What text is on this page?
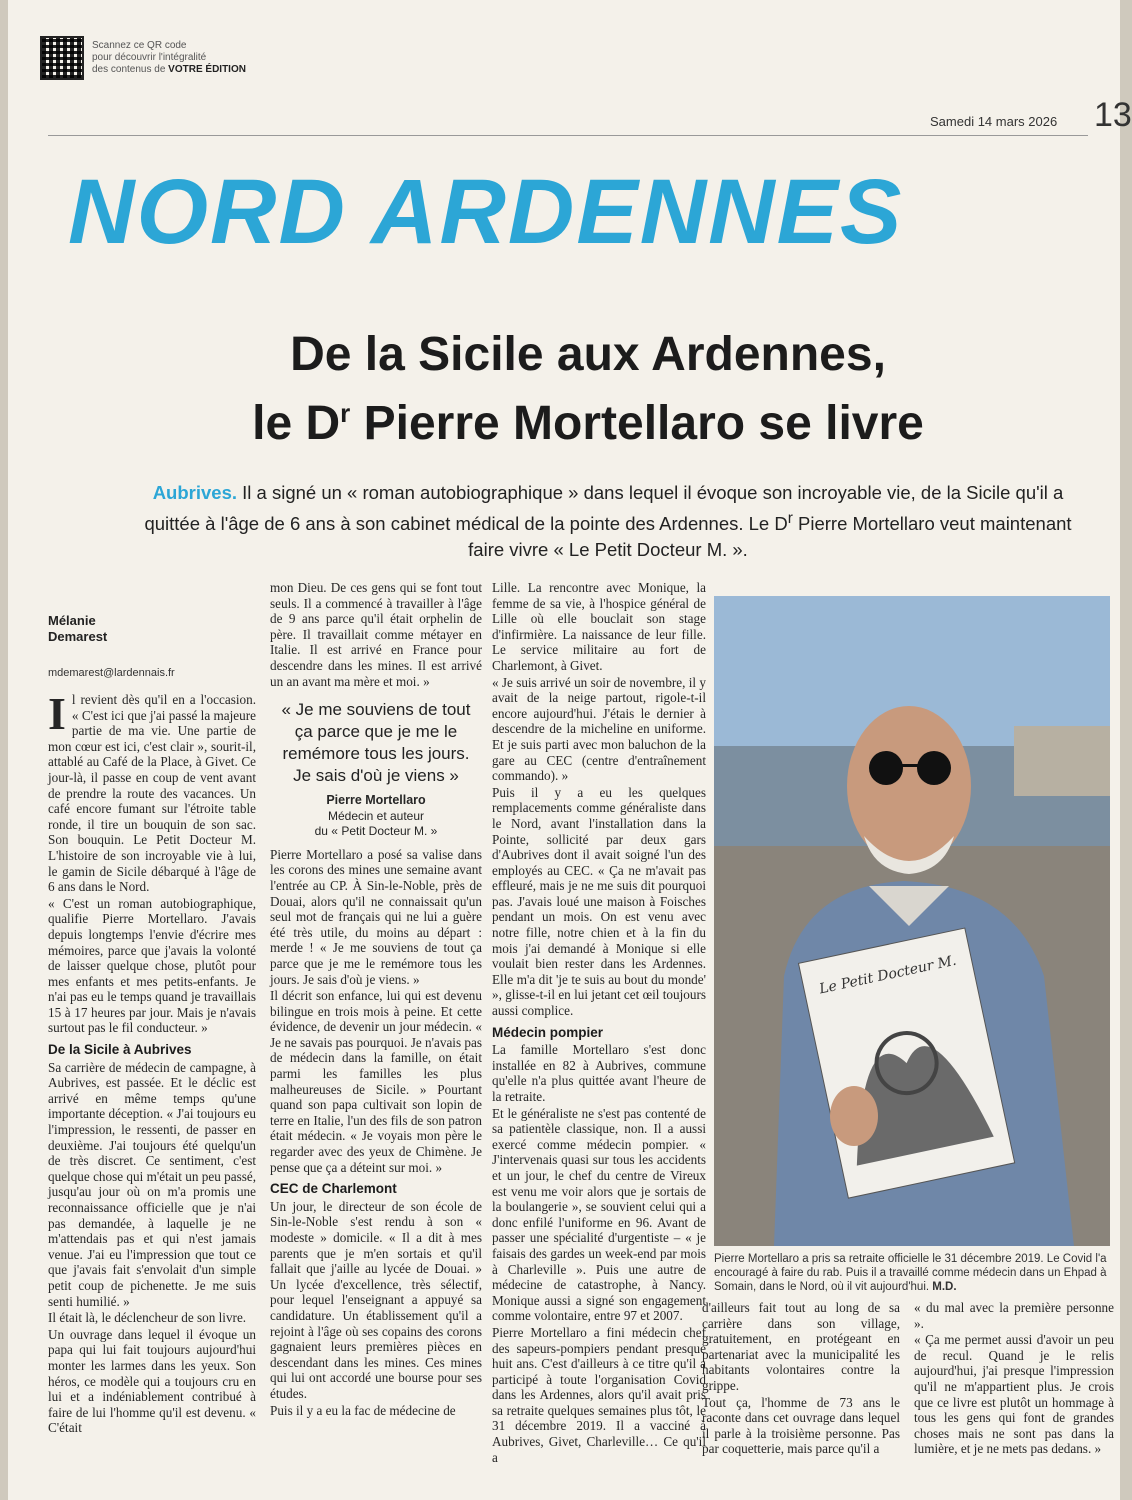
Scannez ce QR code
pour découvrir l'intégralité
des contenus de VOTRE ÉDITION
Samedi 14 mars 2026 13
NORD ARDENNES
De la Sicile aux Ardennes,
le $D^r$ Pierre Mortellaro se livre
Aubrives. Il a signé un « roman autobiographique » dans lequel il évoque son incroyable vie, de la Sicile qu'il a quittée à l'âge de 6 ans à son cabinet médical de la pointe des Ardennes. Le $D^r$ Pierre Mortellaro veut maintenant faire vivre « Le Petit Docteur M. ».
Mélanie
Demarest
mdemarest@lardennais.fr

Il revient dès qu'il en a l'occasion. « C'est ici que j'ai passé la majeure partie de ma vie. Une partie de mon cœur est ici, c'est clair », sourit-il, attablé au Café de la Place, à Givet. Ce jour-là, il passe en coup de vent avant de prendre la route des vacances. Un café encore fumant sur l'étroite table ronde, il tire un bouquin de son sac. Son bouquin. Le Petit Docteur M. L'histoire de son incroyable vie à lui, le gamin de Sicile débarqué à l'âge de 6 ans dans le Nord.

« C'est un roman autobiographique, qualifie Pierre Mortellaro. J'avais depuis longtemps l'envie d'écrire mes mémoires, parce que j'avais la volonté de laisser quelque chose, plutôt pour mes enfants et mes petits-enfants. Je n'ai pas eu le temps quand je travaillais 15 à 17 heures par jour. Mais je n'avais surtout pas le fil conducteur. »

De la Sicile à Aubrives

Sa carrière de médecin de campagne, à Aubrives, est passée. Et le déclic est arrivé en même temps qu'une importante déception. « J'ai toujours eu l'impression, le ressenti, de passer en deuxième. J'ai toujours été quelqu'un de très discret. Ce sentiment, c'est quelque chose qui m'était un peu passé, jusqu'au jour où on m'a promis une reconnaissance officielle que je n'ai pas demandée, à laquelle je ne m'attendais pas et qui n'est jamais venue. J'ai eu l'impression que tout ce que j'avais fait s'envolait d'un simple petit coup de pichenette. Je me suis senti humilié. »

Il était là, le déclencheur de son livre.

Un ouvrage dans lequel il évoque un papa qui lui fait toujours aujourd'hui monter les larmes dans les yeux. Son héros, ce modèle qui a toujours cru en lui et a indéniablement contribué à faire de lui l'homme qu'il est devenu. « C'était

mon Dieu. De ces gens qui se font tout seuls. Il a commencé à travailler à l'âge de 9 ans parce qu'il était orphelin de père. Il travaillait comme métayer en Italie. Il est arrivé en France pour descendre dans les mines. Il est arrivé un an avant ma mère et moi. »

« Je me souviens de tout ça parce que je me le remémore tous les jours. Je sais d'où je viens »
Pierre Mortellaro
Médecin et auteur
du « Petit Docteur M. »

Pierre Mortellaro a posé sa valise dans les corons des mines une semaine avant l'entrée au CP. À Sin-le-Noble, près de Douai, alors qu'il ne connaissait qu'un seul mot de français qui ne lui a guère été très utile, du moins au départ : merde ! « Je me souviens de tout ça parce que je me le remémore tous les jours. Je sais d'où je viens. »

Il décrit son enfance, lui qui est devenu bilingue en trois mois à peine. Et cette évidence, de devenir un jour médecin. « Je ne savais pas pourquoi. Je n'avais pas de médecin dans la famille, on était parmi les familles les plus malheureuses de Sicile. » Pourtant quand son papa cultivait son lopin de terre en Italie, l'un des fils de son patron était médecin. « Je voyais mon père le regarder avec des yeux de Chimène. Je pense que ça a déteint sur moi. »

CEC de Charlemont

Un jour, le directeur de son école de Sin-le-Noble s'est rendu à son « modeste » domicile. « Il a dit à mes parents que je m'en sortais et qu'il fallait que j'aille au lycée de Douai. » Un lycée d'excellence, très sélectif, pour lequel l'enseignant a appuyé sa candidature. Un établissement qu'il a rejoint à l'âge où ses copains des corons gagnaient leurs premières pièces en descendant dans les mines. Ces mines qui lui ont accordé une bourse pour ses études.

Puis il y a eu la fac de médecine de

Lille. La rencontre avec Monique, la femme de sa vie, à l'hospice général de Lille où elle bouclait son stage d'infirmière. La naissance de leur fille. Le service militaire au fort de Charlemont, à Givet.

« Je suis arrivé un soir de novembre, il y avait de la neige partout, rigole-t-il encore aujourd'hui. J'étais le dernier à descendre de la micheline en uniforme. Et je suis parti avec mon baluchon de la gare au CEC (centre d'entraînement commando). »

Puis il y a eu les quelques remplacements comme généraliste dans le Nord, avant l'installation dans la Pointe, sollicité par deux gars d'Aubrives dont il avait soigné l'un des employés au CEC. « Ça ne m'avait pas effleuré, mais je ne me suis dit pourquoi pas. J'avais loué une maison à Foisches pendant un mois. On est venu avec notre fille, notre chien et à la fin du mois j'ai demandé à Monique si elle voulait bien rester dans les Ardennes. Elle m'a dit 'je te suis au bout du monde' », glisse-t-il en lui jetant cet œil toujours aussi complice.

Médecin pompier

La famille Mortellaro s'est donc installée en 82 à Aubrives, commune qu'elle n'a plus quittée avant l'heure de la retraite.

Et le généraliste ne s'est pas contenté de sa patientèle classique, non. Il a aussi exercé comme médecin pompier. « J'intervenais quasi sur tous les accidents et un jour, le chef du centre de Vireux est venu me voir alors que je sortais de la boulangerie », se souvient celui qui a donc enfilé l'uniforme en 96. Avant de passer une spécialité d'urgentiste – « je faisais des gardes un week-end par mois à Charleville ». Puis une autre de médecine de catastrophe, à Nancy. Monique aussi a signé son engagement comme volontaire, entre 97 et 2007.

Pierre Mortellaro a fini médecin chef des sapeurs-pompiers pendant presque huit ans. C'est d'ailleurs à ce titre qu'il a participé à toute l'organisation Covid dans les Ardennes, alors qu'il avait pris sa retraite quelques semaines plus tôt, le 31 décembre 2019. Il a vacciné à Aubrives, Givet, Charleville… Ce qu'il a

Le Petit Docteur M.
Pierre Mortellaro a pris sa retraite officielle le 31 décembre 2019. Le Covid l'a encouragé à faire du rab. Puis il a travaillé comme médecin dans un Ehpad à Somain, dans le Nord, où il vit aujourd'hui. M.D.

d'ailleurs fait tout au long de sa carrière dans son village, gratuitement, en protégeant en partenariat avec la municipalité les habitants volontaires contre la grippe.

Tout ça, l'homme de 73 ans le raconte dans cet ouvrage dans lequel il parle à la troisième personne. Pas par coquetterie, mais parce qu'il a

« du mal avec la première personne ».

« Ça me permet aussi d'avoir un peu de recul. Quand je le relis aujourd'hui, j'ai presque l'impression qu'il ne m'appartient plus. Je crois que ce livre est plutôt un hommage à tous les gens qui font de grandes choses mais ne sont pas dans la lumière, et je ne mets pas dedans. »
